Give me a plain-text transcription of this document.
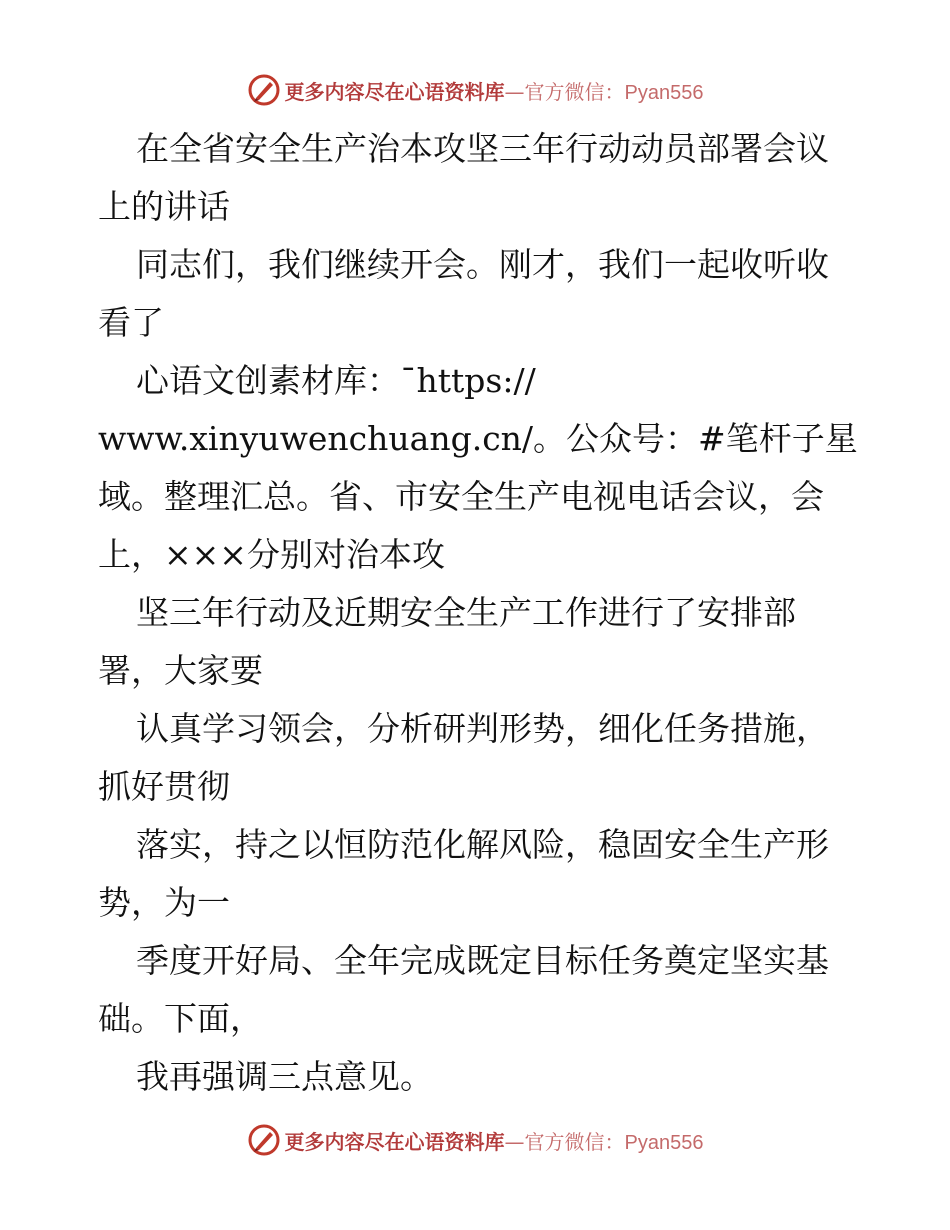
更多内容尽在心语资料库—官方微信：Pyan556
在全省安全生产治本攻坚三年行动动员部署会议
上的讲话
同志们，我们继续开会。刚才，我们一起收听收
看了
心语文创素材库：¯https://
www.xinyuwenchuang.cn/。公众号：#笔杆子星
域。整理汇总。省、市安全生产电视电话会议，会
上，×××分别对治本攻
坚三年行动及近期安全生产工作进行了安排部
署，大家要
认真学习领会，分析研判形势，细化任务措施，
抓好贯彻
落实，持之以恒防范化解风险，稳固安全生产形
势，为一
季度开好局、全年完成既定目标任务奠定坚实基
础。下面，
我再强调三点意见。
更多内容尽在心语资料库—官方微信：Pyan556
